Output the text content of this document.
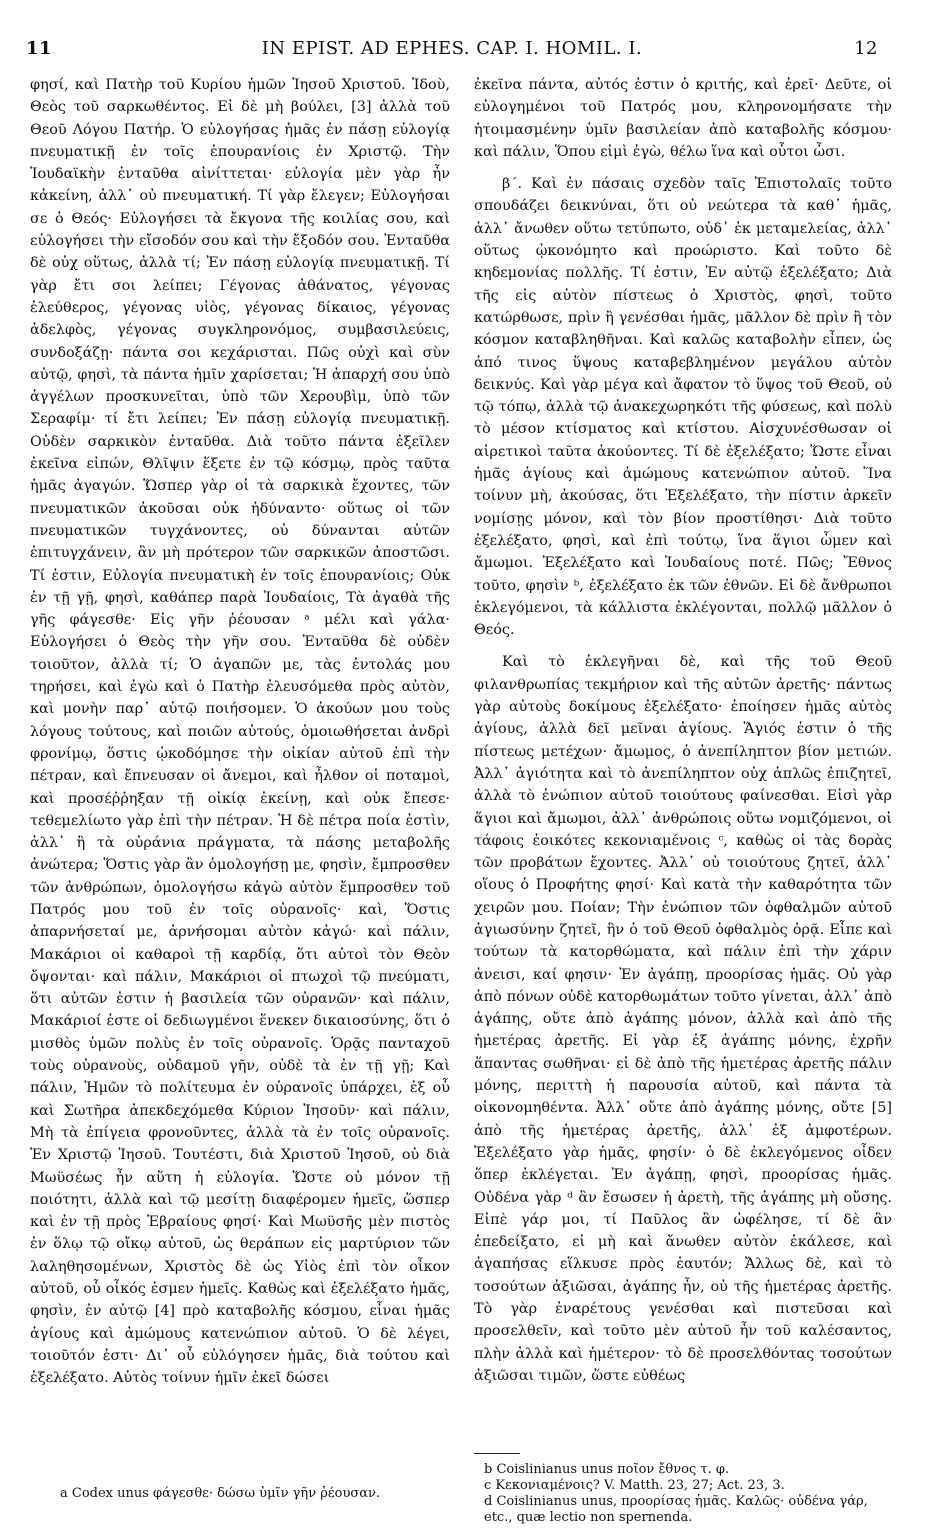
11	IN EPIST. AD EPHES. CAP. I. HOMIL. I.	12

φησί, καὶ Πατὴρ τοῦ Κυρίου ἡμῶν Ἰησοῦ Χριστοῦ. Ἰδοὺ, Θεὸς τοῦ σαρκωθέντος. Εἰ δὲ μὴ βούλει, [3] ἀλλὰ τοῦ Θεοῦ Λόγου Πατήρ. Ὁ εὐλογήσας ἡμᾶς ἐν πάσῃ εὐλογίᾳ πνευματικῇ ἐν τοῖς ἐπουρανίοις ἐν Χριστῷ. Τὴν Ἰουδαϊκὴν ἐνταῦθα αἰνίττεται· εὐλογία μὲν γὰρ ἦν κἀκείνη, ἀλλ᾿ οὐ πνευματική. Τί γὰρ ἔλεγεν; Εὐλογήσαι σε ὁ Θεός· Εὐλογήσει τὰ ἔκγονα τῆς κοιλίας σου, καὶ εὐλογήσει τὴν εἴσοδόν σου καὶ τὴν ἔξοδόν σου. Ἐνταῦθα δὲ οὐχ οὕτως, ἀλλὰ τί; Ἐν πάσῃ εὐλογίᾳ πνευματικῇ. Τί γὰρ ἔτι σοι λείπει; Γέγονας ἀθάνατος, γέγονας ἐλεύθερος, γέγονας υἱὸς, γέγονας δίκαιος, γέγονας ἀδελφὸς, γέγονας συγκληρονόμος, συμβασιλεύεις, συνδοξάζῃ· πάντα σοι κεχάρισται. Πῶς οὐχὶ καὶ σὺν αὐτῷ, φησὶ, τὰ πάντα ἡμῖν χαρίσεται; Ἡ ἀπαρχή σου ὑπὸ ἀγγέλων προσκυνεῖται, ὑπὸ τῶν Χερουβὶμ, ὑπὸ τῶν Σεραφίμ· τί ἔτι λείπει; Ἐν πάσῃ εὐλογίᾳ πνευματικῇ. Οὐδὲν σαρκικὸν ἐνταῦθα. Διὰ τοῦτο πάντα ἐξεῖλεν ἐκεῖνα εἰπών, Θλῖψιν ἕξετε ἐν τῷ κόσμῳ, πρὸς ταῦτα ἡμᾶς ἀγαγών. Ὥσπερ γὰρ οἱ τὰ σαρκικὰ ἔχοντες, τῶν πνευματικῶν ἀκοῦσαι οὐκ ἠδύναντο· οὕτως οἱ τῶν πνευματικῶν τυγχάνοντες, οὐ δύνανται αὐτῶν ἐπιτυγχάνειν, ἂν μὴ πρότερον τῶν σαρκικῶν ἀποστῶσι. Τί ἐστιν, Εὐλογία πνευματικὴ ἐν τοῖς ἐπουρανίοις; Οὐκ ἐν τῇ γῇ, φησὶ, καθάπερ παρὰ Ἰουδαίοις, Τὰ ἀγαθὰ τῆς γῆς φάγεσθε· Εἰς γῆν ῥέουσαν ᵃ μέλι καὶ γάλα· Εὐλογήσει ὁ Θεὸς τὴν γῆν σου. Ἐνταῦθα δὲ οὐδὲν τοιοῦτον, ἀλλὰ τί; Ὁ ἀγαπῶν με, τὰς ἐντολάς μου τηρήσει, καὶ ἐγὼ καὶ ὁ Πατὴρ ἐλευσόμεθα πρὸς αὐτὸν, καὶ μονὴν παρ᾿ αὐτῷ ποιήσομεν. Ὁ ἀκούων μου τοὺς λόγους τούτους, καὶ ποιῶν αὐτούς, ὁμοιωθήσεται ἀνδρὶ φρονίμῳ, ὅστις ᾠκοδόμησε τὴν οἰκίαν αὐτοῦ ἐπὶ τὴν πέτραν, καὶ ἔπνευσαν οἱ ἄνεμοι, καὶ ἦλθον οἱ ποταμοὶ, καὶ προσέῤῥηξαν τῇ οἰκίᾳ ἐκείνῃ, καὶ οὐκ ἔπεσε· τεθεμελίωτο γὰρ ἐπὶ τὴν πέτραν. Ἡ δὲ πέτρα ποία ἐστὶν, ἀλλ᾿ ἢ τὰ οὐράνια πράγματα, τὰ πάσης μεταβολῆς ἀνώτερα; Ὅστις γὰρ ἂν ὁμολογήσῃ με, φησὶν, ἔμπροσθεν τῶν ἀνθρώπων, ὁμολογήσω κἀγὼ αὐτὸν ἔμπροσθεν τοῦ Πατρός μου τοῦ ἐν τοῖς οὐρανοῖς· καὶ, Ὅστις ἀπαρνήσεταί με, ἀρνήσομαι αὐτὸν κἀγώ· καὶ πάλιν, Μακάριοι οἱ καθαροὶ τῇ καρδίᾳ, ὅτι αὐτοὶ τὸν Θεὸν ὄψονται· καὶ πάλιν, Μακάριοι οἱ πτωχοὶ τῷ πνεύματι, ὅτι αὐτῶν ἐστιν ἡ βασιλεία τῶν οὐρανῶν· καὶ πάλιν, Μακάριοί ἐστε οἱ δεδιωγμένοι ἕνεκεν δικαιοσύνης, ὅτι ὁ μισθὸς ὑμῶν πολὺς ἐν τοῖς οὐρανοῖς. Ὁρᾷς πανταχοῦ τοὺς οὐρανοὺς, οὐδαμοῦ γῆν, οὐδὲ τὰ ἐν τῇ γῇ; Καὶ πάλιν, Ἡμῶν τὸ πολίτευμα ἐν οὐρανοῖς ὑπάρχει, ἐξ οὗ καὶ Σωτῆρα ἀπεκδεχόμεθα Κύριον Ἰησοῦν· καὶ πάλιν, Μὴ τὰ ἐπίγεια φρονοῦντες, ἀλλὰ τὰ ἐν τοῖς οὐρανοῖς. Ἐν Χριστῷ Ἰησοῦ. Τουτέστι, διὰ Χριστοῦ Ἰησοῦ, οὐ διὰ Μωϋσέως ἦν αὕτη ἡ εὐλογία. Ὥστε οὐ μόνον τῇ ποιότητι, ἀλλὰ καὶ τῷ μεσίτῃ διαφέρομεν ἡμεῖς, ὥσπερ καὶ ἐν τῇ πρὸς Ἑβραίους φησί· Καὶ Μωϋσῆς μὲν πιστὸς ἐν ὅλῳ τῷ οἴκῳ αὐτοῦ, ὡς θεράπων εἰς μαρτύριον τῶν λαληθησομένων, Χριστὸς δὲ ὡς Υἱὸς ἐπὶ τὸν οἶκον αὐτοῦ, οὗ οἶκός ἐσμεν ἡμεῖς. Καθὼς καὶ ἐξελέξατο ἡμᾶς, φησὶν, ἐν αὐτῷ [4] πρὸ καταβολῆς κόσμου, εἶναι ἡμᾶς ἁγίους καὶ ἀμώμους κατενώπιον αὐτοῦ. Ὁ δὲ λέγει, τοιοῦτόν ἐστι· Δι᾿ οὗ εὐλόγησεν ἡμᾶς, διὰ τούτου καὶ ἐξελέξατο. Αὐτὸς τοίνυν ἡμῖν ἐκεῖ δώσει

ἐκεῖνα πάντα, αὐτός ἐστιν ὁ κριτής, καὶ ἐρεῖ· Δεῦτε, οἱ εὐλογημένοι τοῦ Πατρός μου, κληρονομήσατε τὴν ἡτοιμασμένην ὑμῖν βασιλείαν ἀπὸ καταβολῆς κόσμου· καὶ πάλιν, Ὅπου εἰμὶ ἐγὼ, θέλω ἵνα καὶ οὗτοι ὦσι.

β΄. Καὶ ἐν πάσαις σχεδὸν ταῖς Ἐπιστολαῖς τοῦτο σπουδάζει δεικνύναι, ὅτι οὐ νεώτερα τὰ καθ᾿ ἡμᾶς, ἀλλ᾿ ἄνωθεν οὕτω τετύπωτο, οὐδ᾿ ἐκ μεταμελείας, ἀλλ᾿ οὕτως ᾠκονόμητο καὶ προώριστο. Καὶ τοῦτο δὲ κηδεμονίας πολλῆς. Τί ἐστιν, Ἐν αὐτῷ ἐξελέξατο; Διὰ τῆς εἰς αὐτὸν πίστεως ὁ Χριστὸς, φησὶ, τοῦτο κατώρθωσε, πρὶν ἢ γενέσθαι ἡμᾶς, μᾶλλον δὲ πρὶν ἢ τὸν κόσμον καταβληθῆναι. Καὶ καλῶς καταβολὴν εἶπεν, ὡς ἀπό τινος ὕψους καταβεβλημένον μεγάλου αὐτὸν δεικνύς. Καὶ γὰρ μέγα καὶ ἄφατον τὸ ὕψος τοῦ Θεοῦ, οὐ τῷ τόπῳ, ἀλλὰ τῷ ἀνακεχωρηκότι τῆς φύσεως, καὶ πολὺ τὸ μέσον κτίσματος καὶ κτίστου. Αἰσχυνέσθωσαν οἱ αἱρετικοὶ ταῦτα ἀκούοντες. Τί δὲ ἐξελέξατο; Ὥστε εἶναι ἡμᾶς ἁγίους καὶ ἀμώμους κατενώπιον αὐτοῦ. Ἵνα τοίνυν μὴ, ἀκούσας, ὅτι Ἐξελέξατο, τὴν πίστιν ἀρκεῖν νομίσῃς μόνον, καὶ τὸν βίον προστίθησι· Διὰ τοῦτο ἐξελέξατο, φησὶ, καὶ ἐπὶ τούτῳ, ἵνα ἅγιοι ὦμεν καὶ ἄμωμοι. Ἐξελέξατο καὶ Ἰουδαίους ποτέ. Πῶς; Ἔθνος τοῦτο, φησὶν ᵇ, ἐξελέξατο ἐκ τῶν ἐθνῶν. Εἰ δὲ ἄνθρωποι ἐκλεγόμενοι, τὰ κάλλιστα ἐκλέγονται, πολλῷ μᾶλλον ὁ Θεός.

Καὶ τὸ ἐκλεγῆναι δὲ, καὶ τῆς τοῦ Θεοῦ φιλανθρωπίας τεκμήριον καὶ τῆς αὐτῶν ἀρετῆς· πάντως γὰρ αὐτοὺς δοκίμους ἐξελέξατο· ἐποίησεν ἡμᾶς αὐτὸς ἁγίους, ἀλλὰ δεῖ μεῖναι ἁγίους. Ἅγιός ἐστιν ὁ τῆς πίστεως μετέχων· ἄμωμος, ὁ ἀνεπίληπτον βίον μετιών. Ἀλλ᾿ ἁγιότητα καὶ τὸ ἀνεπίληπτον οὐχ ἁπλῶς ἐπιζητεῖ, ἀλλὰ τὸ ἐνώπιον αὐτοῦ τοιούτους φαίνεσθαι. Εἰσὶ γὰρ ἅγιοι καὶ ἄμωμοι, ἀλλ᾿ ἀνθρώποις οὕτω νομιζόμενοι, οἱ τάφοις ἐοικότες κεκονιαμένοις ᶜ, καθὼς οἱ τὰς δορὰς τῶν προβάτων ἔχοντες. Ἀλλ᾿ οὐ τοιούτους ζητεῖ, ἀλλ᾿ οἵους ὁ Προφήτης φησί· Καὶ κατὰ τὴν καθαρότητα τῶν χειρῶν μου. Ποίαν; Τὴν ἐνώπιον τῶν ὀφθαλμῶν αὐτοῦ ἁγιωσύνην ζητεῖ, ἣν ὁ τοῦ Θεοῦ ὀφθαλμὸς ὁρᾷ. Εἶπε καὶ τούτων τὰ κατορθώματα, καὶ πάλιν ἐπὶ τὴν χάριν ἀνεισι, καί φησιν· Ἐν ἀγάπῃ, προορίσας ἡμᾶς. Οὐ γὰρ ἀπὸ πόνων οὐδὲ κατορθωμάτων τοῦτο γίνεται, ἀλλ᾿ ἀπὸ ἀγάπης, οὔτε ἀπὸ ἀγάπης μόνον, ἀλλὰ καὶ ἀπὸ τῆς ἡμετέρας ἀρετῆς. Εἰ γὰρ ἐξ ἀγάπης μόνης, ἐχρῆν ἅπαντας σωθῆναι· εἰ δὲ ἀπὸ τῆς ἡμετέρας ἀρετῆς πάλιν μόνης, περιττὴ ἡ παρουσία αὐτοῦ, καὶ πάντα τὰ οἰκονομηθέντα. Ἀλλ᾿ οὔτε ἀπὸ ἀγάπης μόνης, οὔτε [5] ἀπὸ τῆς ἡμετέρας ἀρετῆς, ἀλλ᾿ ἐξ ἀμφοτέρων. Ἐξελέξατο γὰρ ἡμᾶς, φησίν· ὁ δὲ ἐκλεγόμενος οἶδεν ὅπερ ἐκλέγεται. Ἐν ἀγάπῃ, φησὶ, προορίσας ἡμᾶς. Οὐδένα γὰρ ᵈ ἂν ἔσωσεν ἡ ἀρετὴ, τῆς ἀγάπης μὴ οὔσης. Εἰπὲ γάρ μοι, τί Παῦλος ἂν ὠφέλησε, τί δὲ ἂν ἐπεδείξατο, εἰ μὴ καὶ ἄνωθεν αὐτὸν ἐκάλεσε, καὶ ἀγαπήσας εἵλκυσε πρὸς ἑαυτόν; Ἄλλως δὲ, καὶ τὸ τοσούτων ἀξιῶσαι, ἀγάπης ἦν, οὐ τῆς ἡμετέρας ἀρετῆς. Τὸ γὰρ ἐναρέτους γενέσθαι καὶ πιστεῦσαι καὶ προσελθεῖν, καὶ τοῦτο μὲν αὐτοῦ ἦν τοῦ καλέσαντος, πλὴν ἀλλὰ καὶ ἡμέτερον· τὸ δὲ προσελθόντας τοσούτων ἀξιῶσαι τιμῶν, ὥστε εὐθέως

a Codex unus φάγεσθε· δώσω ὑμῖν γῆν ῥέουσαν.
b Coislinianus unus ποῖον ἔθνος τ. φ.
c Κεκονιαμένοις? V. Matth. 23, 27; Act. 23, 3.
d Coislinianus unus, προορίσας ἡμᾶς. Καλῶς· οὐδένα γάρ, etc., quæ lectio non spernenda.
